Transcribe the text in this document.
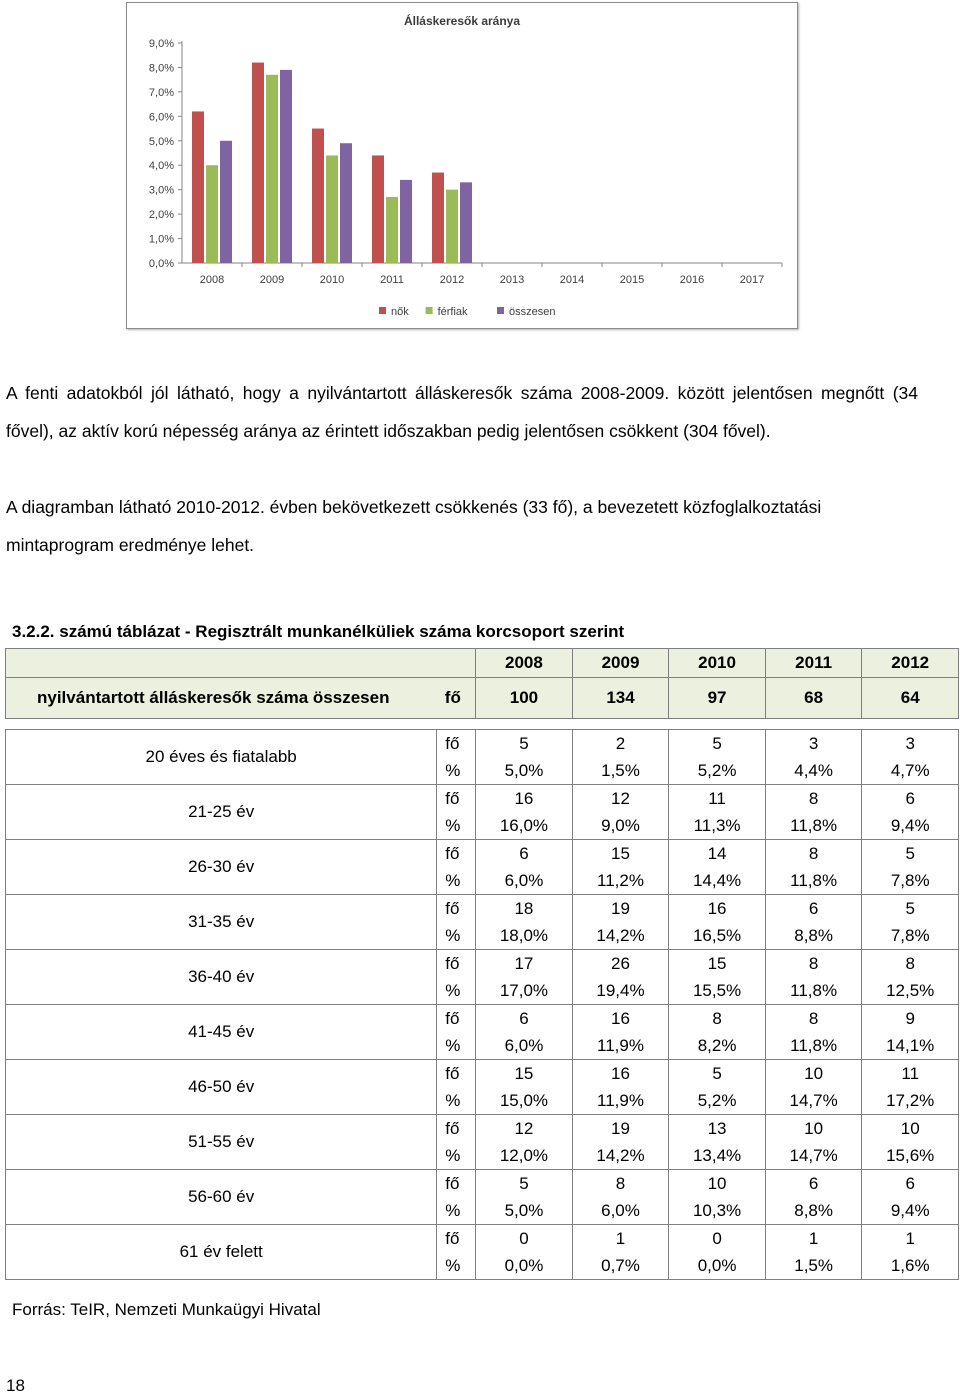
Álláskeresők aránya
0,0%
1,0%
2,0%
3,0%
4,0%
5,0%
6,0%
7,0%
8,0%
9,0%
2008	2009	2010	2011	2012	2013	2014	2015	2016	2017
nők	férfiak	összesen

A fenti adatokból jól látható, hogy a nyilvántartott álláskeresők száma 2008-2009. között jelentősen megnőtt (34 fővel), az aktív korú népesség aránya az érintett időszakban pedig jelentősen csökkent (304 fővel).

A diagramban látható 2010-2012. évben bekövetkezett csökkenés (33 fő), a bevezetett közfoglalkoztatási mintaprogram eredménye lehet.

3.2.2. számú táblázat - Regisztrált munkanélküliek száma korcsoport szerint

		2008	2009	2010	2011	2012
nyilvántartott álláskeresők száma összesen	fő	100	134	97	68	64

20 éves és fiatalabb	fő	5	2	5	3	3
	%	5,0%	1,5%	5,2%	4,4%	4,7%
21-25 év	fő	16	12	11	8	6
	%	16,0%	9,0%	11,3%	11,8%	9,4%
26-30 év	fő	6	15	14	8	5
	%	6,0%	11,2%	14,4%	11,8%	7,8%
31-35 év	fő	18	19	16	6	5
	%	18,0%	14,2%	16,5%	8,8%	7,8%
36-40 év	fő	17	26	15	8	8
	%	17,0%	19,4%	15,5%	11,8%	12,5%
41-45 év	fő	6	16	8	8	9
	%	6,0%	11,9%	8,2%	11,8%	14,1%
46-50 év	fő	15	16	5	10	11
	%	15,0%	11,9%	5,2%	14,7%	17,2%
51-55 év	fő	12	19	13	10	10
	%	12,0%	14,2%	13,4%	14,7%	15,6%
56-60 év	fő	5	8	10	6	6
	%	5,0%	6,0%	10,3%	8,8%	9,4%
61 év felett	fő	0	1	0	1	1
	%	0,0%	0,7%	0,0%	1,5%	1,6%

Forrás: TeIR, Nemzeti Munkaügyi Hivatal

18
